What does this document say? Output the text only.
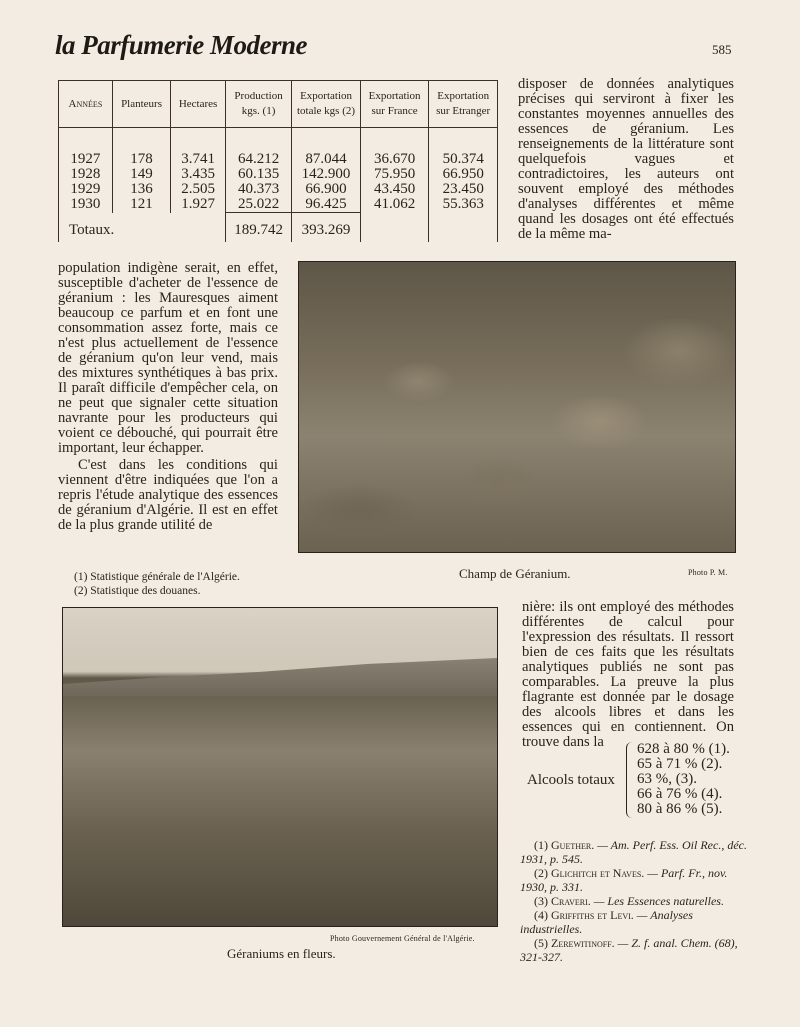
la Parfumerie Moderne	585
Années	Planteurs	Hectares	Production kgs. (1)	Exportation totale kgs (2)	Exportation sur France	Exportation sur Etranger
1927	178	3.741	64.212	87.044	36.670	50.374
1928	149	3.435	60.135	142.900	75.950	66.950
1929	136	2.505	40.373	66.900	43.450	23.450
1930	121	1.927	25.022	96.425	41.062	55.363
Totaux.			189.742	393.269		

disposer de données analytiques précises qui serviront à fixer les constantes moyennes annuelles des essences de géranium. Les renseignements de la littérature sont quelquefois vagues et contradictoires, les auteurs ont souvent employé des méthodes d'analyses différentes et même quand les dosages ont été effectués de la même ma-

population indigène serait, en effet, susceptible d'acheter de l'essence de géranium : les Mauresques aiment beaucoup ce parfum et en font une consommation assez forte, mais ce n'est plus actuellement de l'essence de géranium qu'on leur vend, mais des mixtures synthétiques à bas prix. Il paraît difficile d'empêcher cela, on ne peut que signaler cette situation navrante pour les producteurs qui voient ce débouché, qui pourrait être important, leur échapper.

C'est dans les conditions qui viennent d'être indiquées que l'on a repris l'étude analytique des essences de géranium d'Algérie. Il est en effet de la plus grande utilité de

(1) Statistique générale de l'Algérie.
(2) Statistique des douanes.
Champ de Géranium.	Photo P. M.
Photo Gouvernement Général de l'Algérie.
Géraniums en fleurs.

nière: ils ont employé des méthodes différentes de calcul pour l'expression des résultats. Il ressort bien de ces faits que les résultats analytiques publiés ne sont pas comparables. La preuve la plus flagrante est donnée par le dosage des alcools libres et dans les essences qui en contiennent. On trouve dans la

Alcools totaux
628 à 80 % (1).
65 à 71 % (2).
63 %, (3).
66 à 76 % (4).
80 à 86 % (5).
(1) Guether. — Am. Perf. Ess. Oil Rec., déc. 1931, p. 545.
(2) Glichitch et Naves. — Parf. Fr., nov. 1930, p. 331.
(3) Craveri. — Les Essences naturelles.
(4) Griffiths et Levi. — Analyses industrielles.
(5) Zerewitinoff. — Z. f. anal. Chem. (68), 321-327.
